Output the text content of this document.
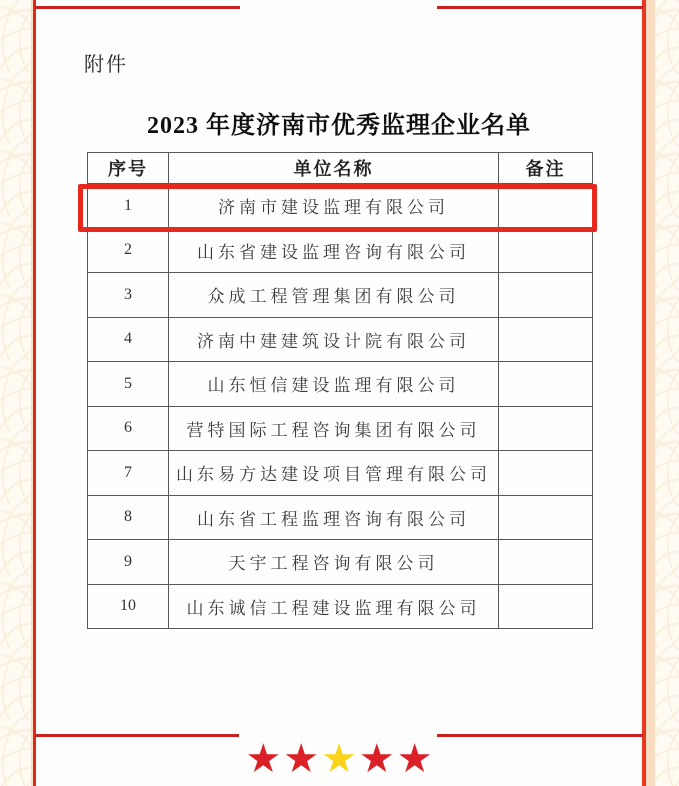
附件
2023 年度济南市优秀监理企业名单
序号	单位名称	备注
1	济南市建设监理有限公司	
2	山东省建设监理咨询有限公司	
3	众成工程管理集团有限公司	
4	济南中建建筑设计院有限公司	
5	山东恒信建设监理有限公司	
6	营特国际工程咨询集团有限公司	
7	山东易方达建设项目管理有限公司	
8	山东省工程监理咨询有限公司	
9	天宇工程咨询有限公司	
10	山东诚信工程建设监理有限公司	
★★★★★
